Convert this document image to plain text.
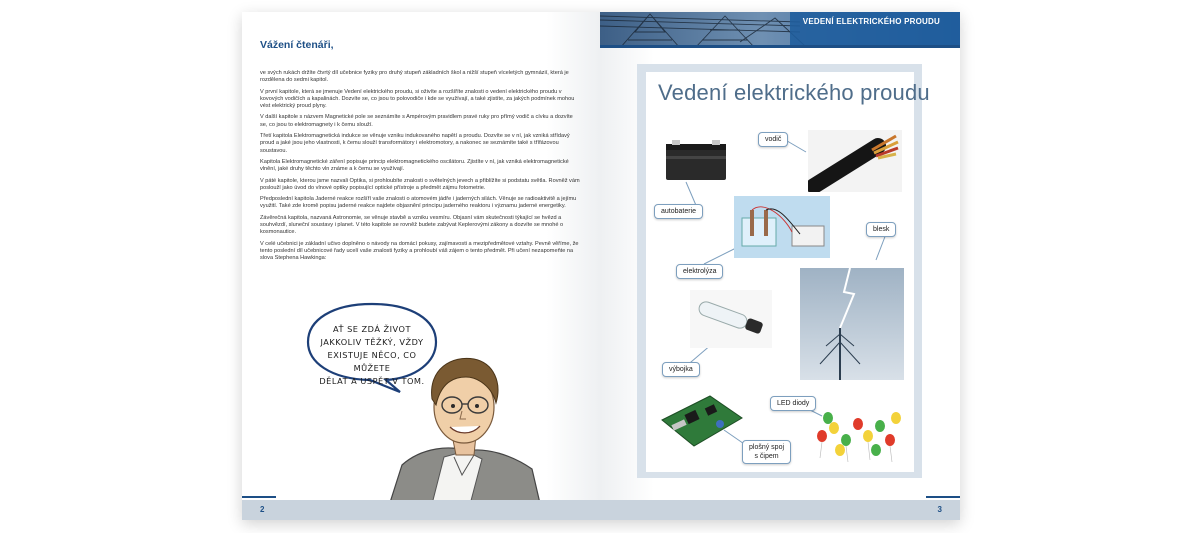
Vážení čtenáři,

ve svých rukách držíte čtvrtý díl učebnice fyziky pro druhý stupeň základních škol a nižší stupeň víceletých gymnázií, která je rozdělena do sedmi kapitol.

V první kapitole, která se jmenuje Vedení elektrického proudu, si oživíte a rozšíříte znalosti o vedení elektrického proudu v kovových vodičích a kapalinách. Dozvíte se, co jsou to polovodiče i kde se využívají, a také zjistíte, za jakých podmínek mohou vést elektrický proud plyny.

V další kapitole s názvem Magnetické pole se seznámíte s Ampérovým pravidlem pravé ruky pro přímý vodič a cívku a dozvíte se, co jsou to elektromagnety i k čemu slouží.

Třetí kapitola Elektromagnetická indukce se věnuje vzniku indukovaného napětí a proudu. Dozvíte se v ní, jak vzniká střídavý proud a jaké jsou jeho vlastnosti, k čemu slouží transformátory i elektromotory, a nakonec se seznámíte také s třífázovou soustavou.

Kapitola Elektromagnetické záření popisuje princip elektromagnetického oscilátoru. Zjistíte v ní, jak vzniká elektromagnetické vlnění, jaké druhy těchto vln známe a k čemu se využívají.

V páté kapitole, kterou jsme nazvali Optika, si prohloubíte znalosti o světelných jevech a přiblížíte si podstatu světla. Rovněž vám poslouží jako úvod do vlnové optiky popisující optické přístroje a předmět zájmu fotometrie.

Předposlední kapitola Jaderné reakce rozšíří vaše znalosti o atomovém jádře i jaderných silách. Věnuje se radioaktivitě a jejímu využití. Také zde kromě popisu jaderné reakce najdete objasnění principu jaderného reaktoru i významu jaderné energetiky.

Závěrečná kapitola, nazvaná Astronomie, se věnuje stavbě a vzniku vesmíru. Objasní vám skutečnosti týkající se hvězd a souhvězdí, sluneční soustavy i planet. V této kapitole se rovněž budete zabývat Keplerovými zákony a dozvíte se mnohé o kosmonautice.

V celé učebnici je základní učivo doplněno o návody na domácí pokusy, zajímavosti a mezipředmětové vztahy. Pevně věříme, že tento poslední díl učebnicové řady ucelí vaše znalosti fyziky a prohloubí váš zájem o tento předmět. Při učení nezapomeňte na slova Stephena Hawkinga:

AŤ SE ZDÁ ŽIVOT
JAKKOLIV TĚŽKÝ, VŽDY
EXISTUJE NĚCO, CO MŮŽETE
DĚLAT A USPĚT V TOM.
2
VEDENÍ ELEKTRICKÉHO PROUDU
Vedení elektrického proudu
autobaterie
vodič
elektrolýza
blesk
výbojka
plošný spoj
s čipem
LED diody
3
